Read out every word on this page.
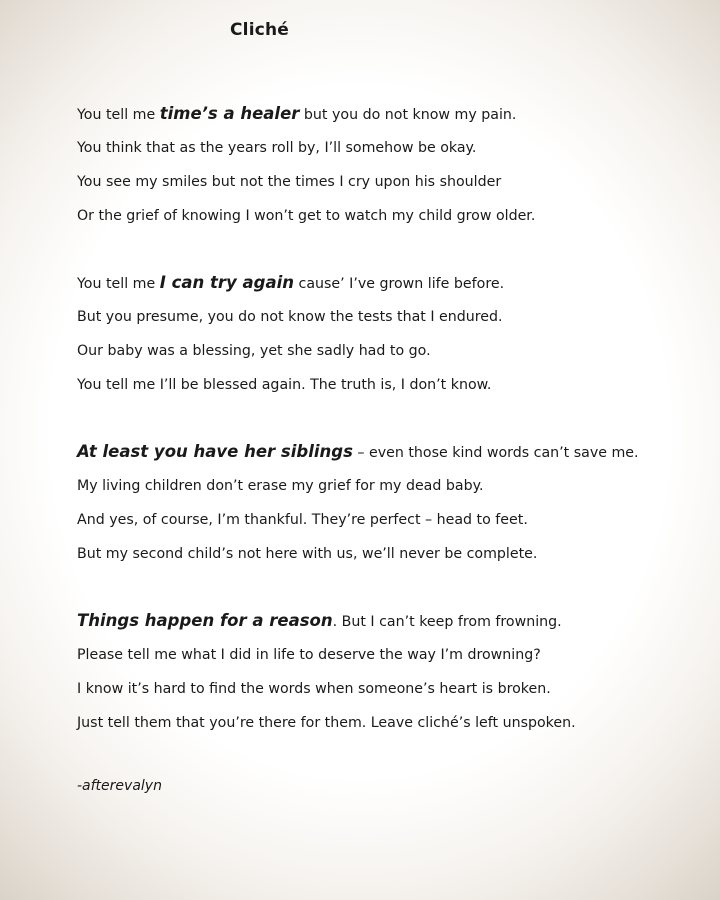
Cliché
You tell me time’s a healer but you do not know my pain.
You think that as the years roll by, I’ll somehow be okay.
You see my smiles but not the times I cry upon his shoulder
Or the grief of knowing I won’t get to watch my child grow older.
You tell me I can try again cause’ I’ve grown life before.
But you presume, you do not know the tests that I endured.
Our baby was a blessing, yet she sadly had to go.
You tell me I’ll be blessed again. The truth is, I don’t know.
At least you have her siblings – even those kind words can’t save me.
My living children don’t erase my grief for my dead baby.
And yes, of course, I’m thankful. They’re perfect – head to feet.
But my second child’s not here with us, we’ll never be complete.
Things happen for a reason. But I can’t keep from frowning.
Please tell me what I did in life to deserve the way I’m drowning?
I know it’s hard to find the words when someone’s heart is broken.
Just tell them that you’re there for them. Leave cliché’s left unspoken.
-afterevalyn
